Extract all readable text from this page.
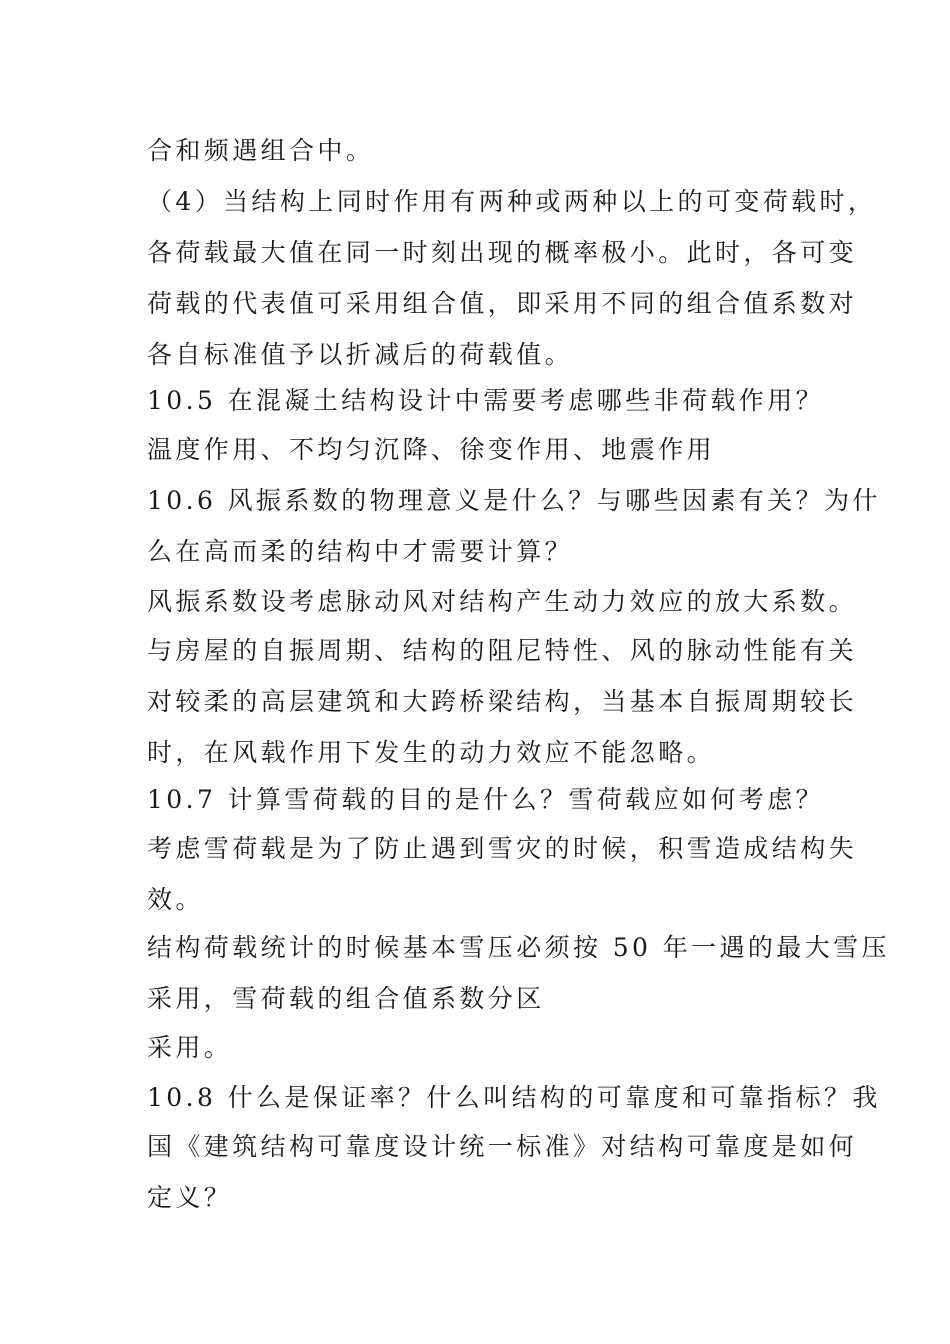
合和频遇组合中。
（4）当结构上同时作用有两种或两种以上的可变荷载时，
各荷载最大值在同一时刻出现的概率极小。此时，各可变
荷载的代表值可采用组合值，即采用不同的组合值系数对
各自标准值予以折减后的荷载值。
10.5 在混凝土结构设计中需要考虑哪些非荷载作用？
温度作用、不均匀沉降、徐变作用、地震作用
10.6 风振系数的物理意义是什么？与哪些因素有关？为什
么在高而柔的结构中才需要计算？
风振系数设考虑脉动风对结构产生动力效应的放大系数。
与房屋的自振周期、结构的阻尼特性、风的脉动性能有关
对较柔的高层建筑和大跨桥梁结构，当基本自振周期较长
时，在风载作用下发生的动力效应不能忽略。
10.7 计算雪荷载的目的是什么？雪荷载应如何考虑？
考虑雪荷载是为了防止遇到雪灾的时候，积雪造成结构失
效。
结构荷载统计的时候基本雪压必须按 50 年一遇的最大雪压
采用，雪荷载的组合值系数分区
采用。
10.8 什么是保证率？什么叫结构的可靠度和可靠指标？我
国《建筑结构可靠度设计统一标准》对结构可靠度是如何
定义？
